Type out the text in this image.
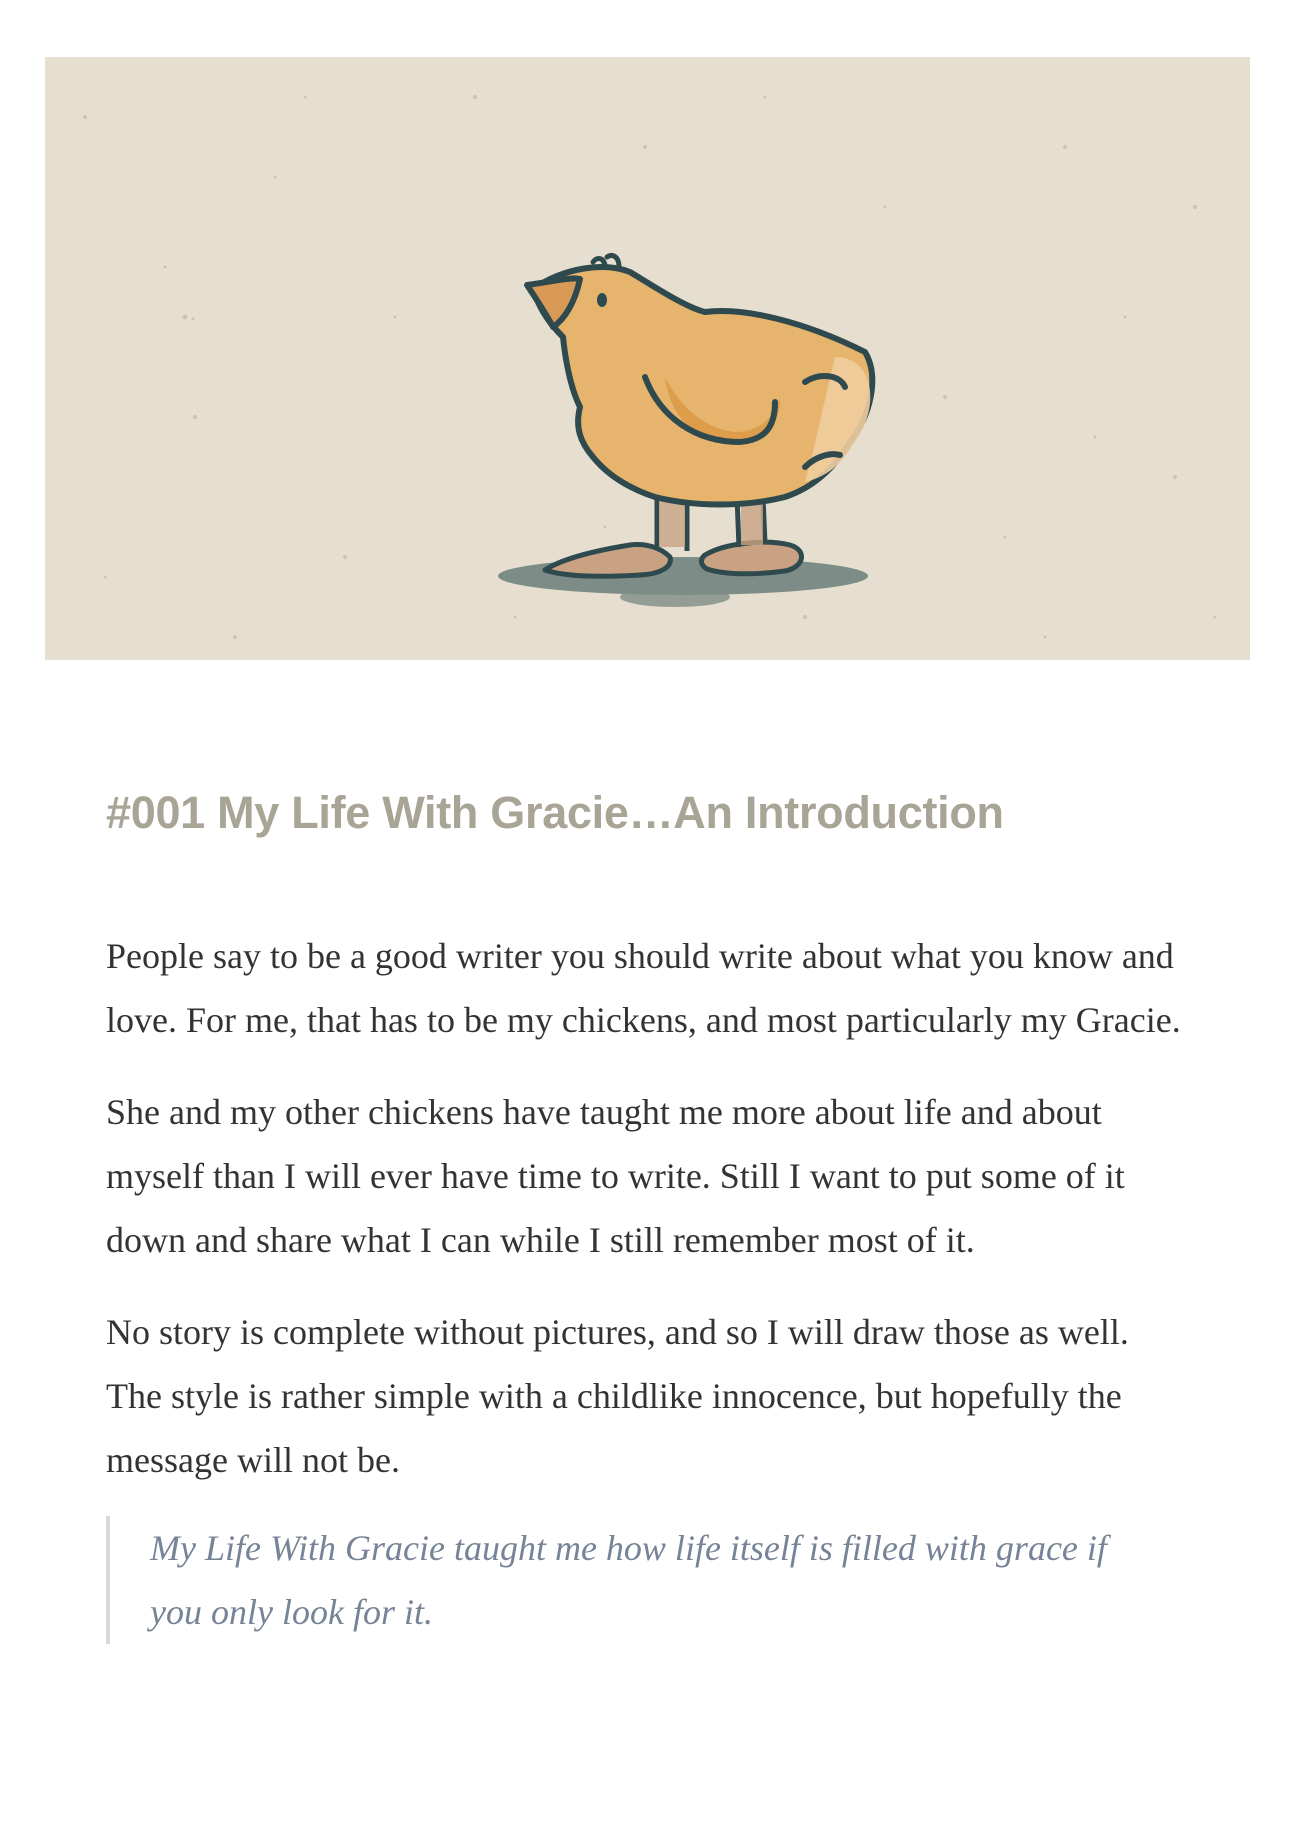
#001 My Life With Gracie…An Introduction

People say to be a good writer you should write about what you know and love. For me, that has to be my chickens, and most particularly my Gracie.

She and my other chickens have taught me more about life and about myself than I will ever have time to write. Still I want to put some of it down and share what I can while I still remember most of it.

No story is complete without pictures, and so I will draw those as well. The style is rather simple with a childlike innocence, but hopefully the message will not be.

My Life With Gracie taught me how life itself is filled with grace if you only look for it.
